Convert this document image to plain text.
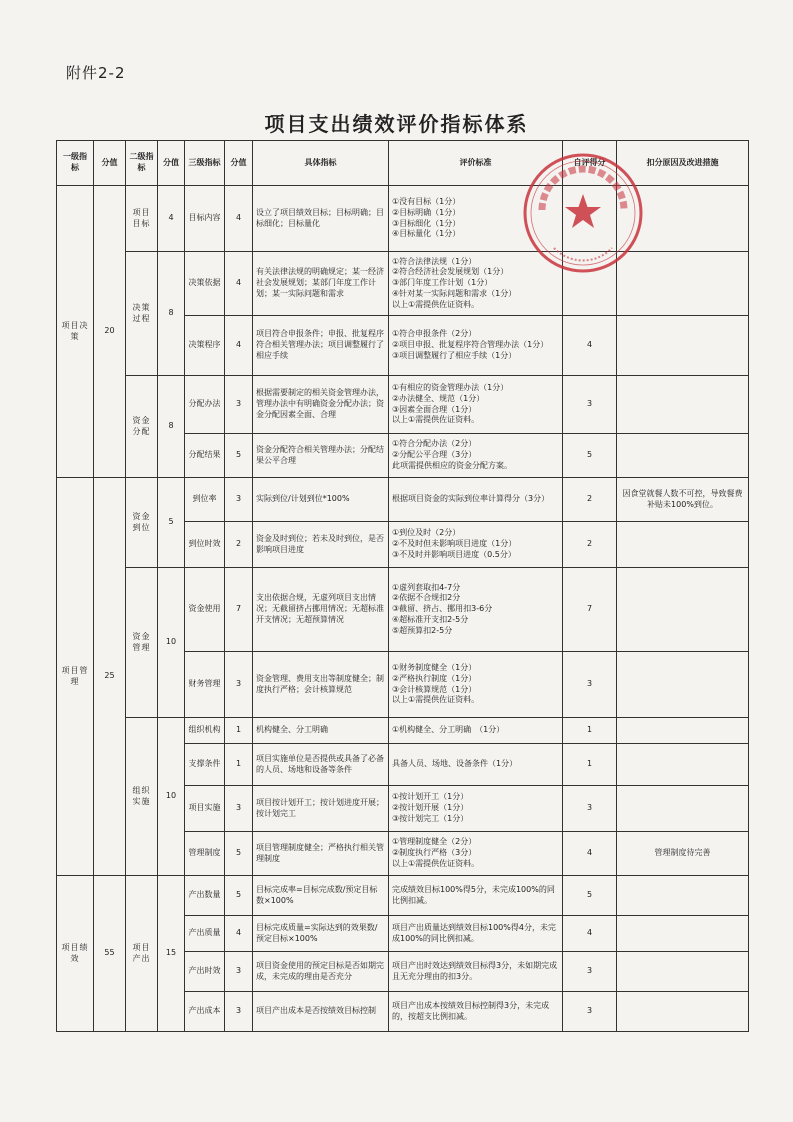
附件2-2
项目支出绩效评价指标体系
一级指标	分值	二级指标	分值	三级指标	分值	具体指标	评价标准	自评得分	扣分原因及改进措施
项目决策	20	项目目标	4	目标内容	4	设立了项目绩效目标；目标明确；目标细化；目标量化	①没有目标（1分）
②目标明确（1分）
③目标细化（1分）
④目标量化（1分）		
		决策过程	8	决策依据	4	有关法律法规的明确规定；某一经济社会发展规划；某部门年度工作计划；某一实际问题和需求	①符合法律法规（1分）
②符合经济社会发展规划（1分）
③部门年度工作计划（1分）
④针对某一实际问题和需求（1分）
以上①需提供佐证资料。		
				决策程序	4	项目符合申报条件；申报、批复程序符合相关管理办法；项目调整履行了相应手续	①符合申报条件（2分）
②项目申报、批复程序符合管理办法（1分）
③项目调整履行了相应手续（1分）	4	
		资金分配	8	分配办法	3	根据需要制定的相关资金管理办法，管理办法中有明确资金分配办法；资金分配因素全面、合理	①有相应的资金管理办法（1分）
②办法健全、规范（1分）
③因素全面合理（1分）
以上①需提供佐证资料。	3	
				分配结果	5	资金分配符合相关管理办法；分配结果公平合理	①符合分配办法（2分）
②分配公平合理（3分）
此项需提供相应的资金分配方案。	5	
项目管理	25	资金到位	5	到位率	3	实际到位/计划到位*100%	根据项目资金的实际到位率计算得分（3分）	2	因食堂就餐人数不可控，导致餐费补贴未100%到位。
				到位时效	2	资金及时到位；若未及时到位，是否影响项目进度	①到位及时（2分）
②不及时但未影响项目进度（1分）
③不及时并影响项目进度（0.5分）	2	
		资金管理	10	资金使用	7	支出依据合规，无虚列项目支出情况；无截留挤占挪用情况；无超标准开支情况；无超预算情况	①虚列套取扣4-7分
②依据不合规扣2分
③截留、挤占、挪用扣3-6分
④超标准开支扣2-5分
⑤超预算扣2-5分	7	
				财务管理	3	资金管理、费用支出等制度健全；制度执行严格；会计核算规范	①财务制度健全（1分）
②严格执行制度（1分）
③会计核算规范（1分）
以上①需提供佐证资料。	3	
		组织实施	10	组织机构	1	机构健全、分工明确	①机构健全、分工明确　（1分）	1	
				支撑条件	1	项目实施单位是否提供或具备了必备的人员、场地和设备等条件	具备人员、场地、设备条件（1分）	1	
				项目实施	3	项目按计划开工；按计划进度开展；按计划完工	①按计划开工（1分）
②按计划开展（1分）
③按计划完工（1分）	3	
				管理制度	5	项目管理制度健全；严格执行相关管理制度	①管理制度健全（2分）
②制度执行严格（3分）
以上①需提供佐证资料。	4	管理制度待完善
项目绩效	55	项目产出	15	产出数量	5	目标完成率=目标完成数/预定目标数×100%	完成绩效目标100%得5分，未完成100%的同比例扣减。	5	
				产出质量	4	目标完成质量=实际达到的效果数/预定目标×100%	项目产出质量达到绩效目标100%得4分，未完成100%的同比例扣减。	4	
				产出时效	3	项目资金使用的预定目标是否如期完成，未完成的理由是否充分	项目产出时效达到绩效目标得3分，未如期完成且无充分理由的扣3分。	3	
				产出成本	3	项目产出成本是否按绩效目标控制	项目产出成本按绩效目标控制得3分，未完成的，按超支比例扣减。	3	
